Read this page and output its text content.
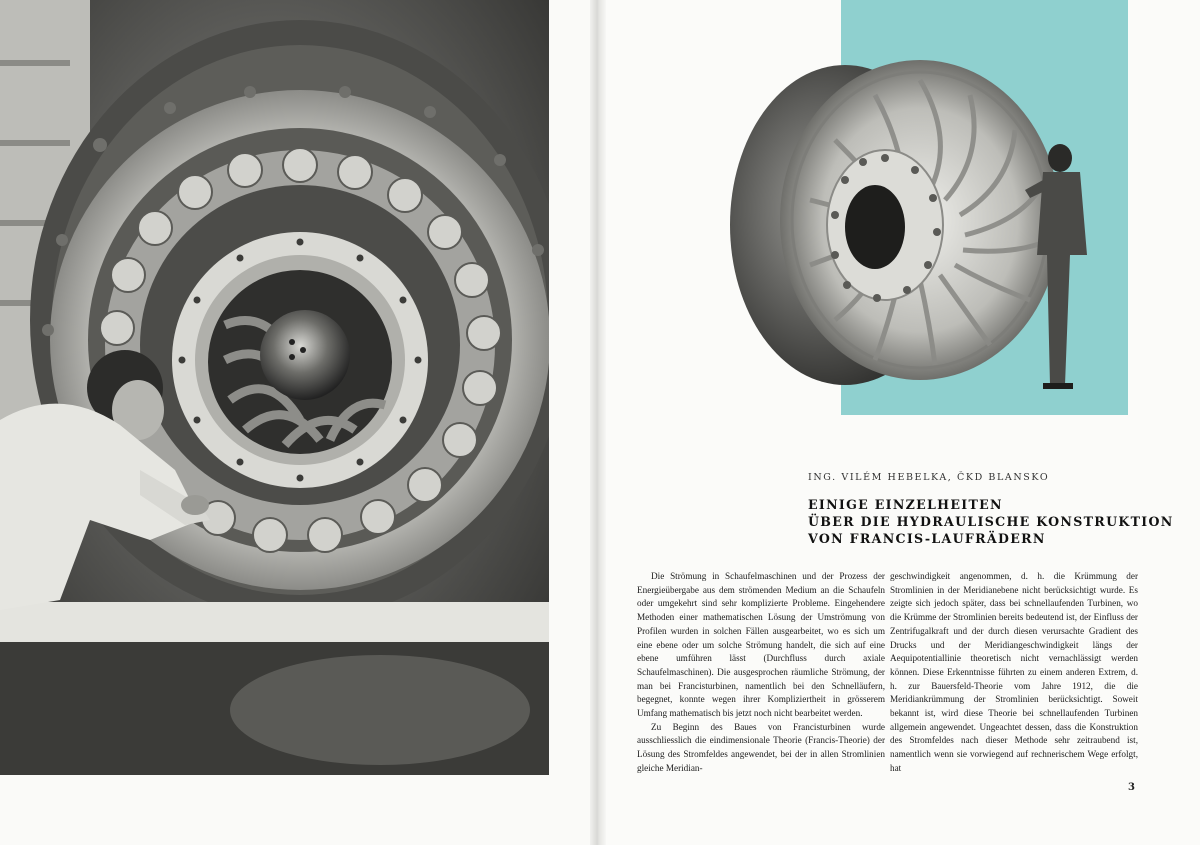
ING. VILÉM HEBELKA, ČKD BLANSKO
EINIGE EINZELHEITEN
ÜBER DIE HYDRAULISCHE KONSTRUKTION
VON FRANCIS-LAUFRÄDERN

Die Strömung in Schaufelmaschinen und der Prozess der Energieübergabe aus dem strömenden Medium an die Schaufeln oder umgekehrt sind sehr komplizierte Probleme. Eingehendere Methoden einer mathematischen Lösung der Umströmung von Profilen wurden in solchen Fällen ausgearbeitet, wo es sich um eine ebene oder um solche Strömung handelt, die sich auf eine ebene umführen lässt (Durchfluss durch axiale Schaufelmaschinen). Die ausgesprochen räumliche Strömung, der man bei Francisturbinen, namentlich bei den Schnelläufern, begegnet, konnte wegen ihrer Kompliziertheit in grösserem Umfang mathematisch bis jetzt noch nicht bearbeitet werden.

Zu Beginn des Baues von Francisturbinen wurde ausschliesslich die eindimensionale Theorie (Francis-Theorie) der Lösung des Stromfeldes angewendet, bei der in allen Stromlinien gleiche Meridian-

geschwindigkeit angenommen, d. h. die Krümmung der Stromlinien in der Meridianebene nicht berücksichtigt wurde. Es zeigte sich jedoch später, dass bei schnellaufenden Turbinen, wo die Krümme der Stromlinien bereits bedeutend ist, der Einfluss der Zentrifugalkraft und der durch diesen verursachte Gradient des Drucks und der Meridiangeschwindigkeit längs der Aequipotentiallinie theoretisch nicht vernachlässigt werden können. Diese Erkenntnisse führten zu einem anderen Extrem, d. h. zur Bauersfeld-Theorie vom Jahre 1912, die die Meridiankrümmung der Stromlinien berücksichtigt. Soweit bekannt ist, wird diese Theorie bei schnellaufenden Turbinen allgemein angewendet. Ungeachtet dessen, dass die Konstruktion des Stromfeldes nach dieser Methode sehr zeitraubend ist, namentlich wenn sie vorwiegend auf rechnerischem Wege erfolgt, hat

3
